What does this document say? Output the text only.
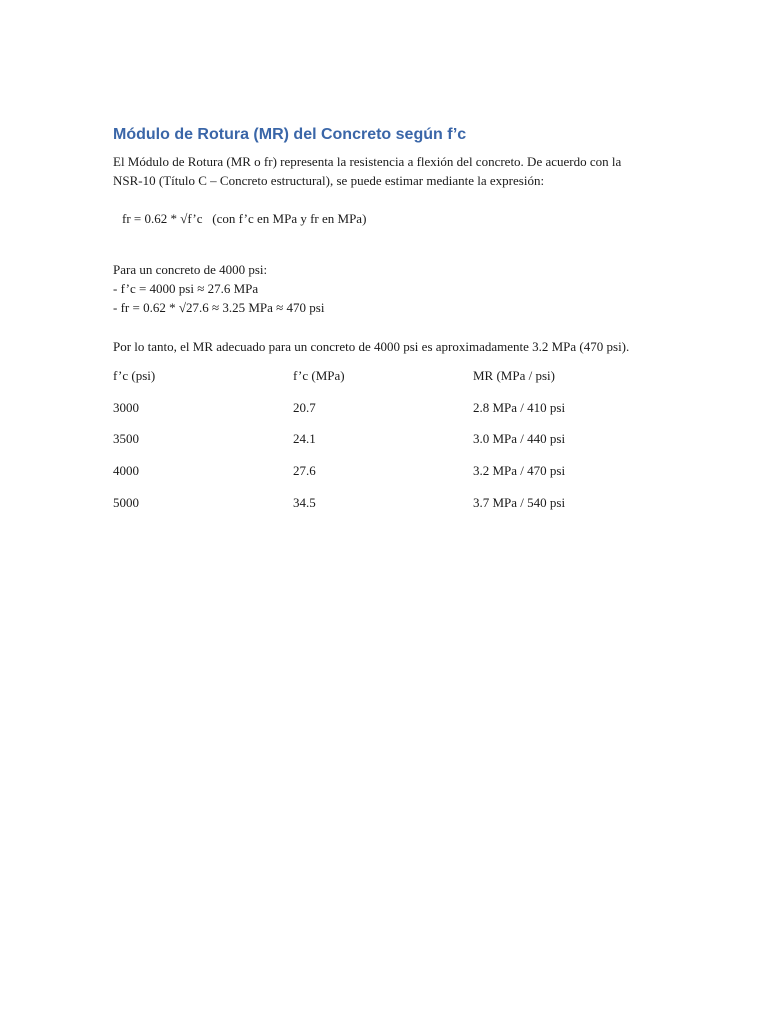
Módulo de Rotura (MR) del Concreto según f’c

El Módulo de Rotura (MR o fr) representa la resistencia a flexión del concreto. De acuerdo con la NSR-10 (Título C – Concreto estructural), se puede estimar mediante la expresión:

fr = 0.62 * √f’c   (con f’c en MPa y fr en MPa)

Para un concreto de 4000 psi:
- f’c = 4000 psi ≈ 27.6 MPa
- fr = 0.62 * √27.6 ≈ 3.25 MPa ≈ 470 psi

Por lo tanto, el MR adecuado para un concreto de 4000 psi es aproximadamente 3.2 MPa (470 psi).

f’c (psi)	f’c (MPa)	MR (MPa / psi)
3000	20.7	2.8 MPa / 410 psi
3500	24.1	3.0 MPa / 440 psi
4000	27.6	3.2 MPa / 470 psi
5000	34.5	3.7 MPa / 540 psi
